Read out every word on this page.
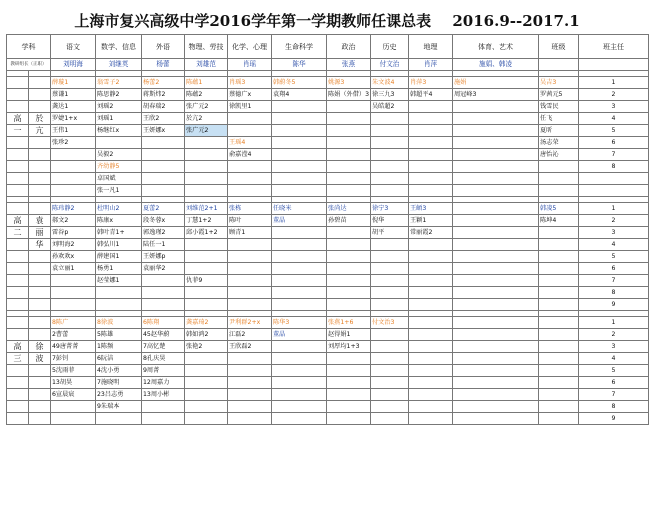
上海市复兴高级中学2016学年第一学期教师任课总表 2016.9--2017.1
学科		语文	数学、信息	外语	物理、劳技	化学、心理	生命科学	政治	历史	地理	体育、艺术	班级	班主任	
教研组长（正职）		刘明海	刘继英	杨蕾	刘雄范	肖瑶	陈华	张燕	付文治	肖萍	施娟、韩凌			

		薛璇1	翁雪子2	杨蕾2	陈蕴1	肖瑶3	韩蔚冬5	姚源3	朱文波4	肖萍3	施娟	吴吉3	1	
		蔡谦1	陈思静2	蒋斯炜2	陈蕴2	蔡德广x	袁翔4	陈娟（外借）3	徐三九3	韩超平4	周冠峰3	罗茜元5	2	
		龚达1	刘瑶2	胡春瑞2	张广元2	徐凯里1			吴皓超2			钱雪民	3	
高	於	罗婕1+x	刘瑶1	王欣2	於亢2							任飞	4	
一	亢	王伟1	杨继红x	王妍娜x	张广元2							夏昕	5	
		张珍2				王瑶4						汤志荣	6	
			吴毅2			俞嘉滢4						唐怡沁	7	
			齐幼静5										8	
			卓国斌											
			张一凡1											

		陈玮静2	杜明山2	夏蕾2	刘维范2+1	张栋	任晓米	张尚达	徐宁3	王頔3		韩凌5	1	
高	袁	郝文2	陈康x	段冬蓉x	丁慧1+2	陈叶	董晶	孙碧苗	倪华	王颖1		陈坤4	2	
二	丽	雷谷p	韩叶青1+	郭逸瑾2	邱小霞1+2	顾青1			胡平	常丽霞2			3	
	华	刘明海2	韩弘川1	陆任一1									4	
		孙欢欢x	薛建国1	王妍娜p									5	
		袁立丽1	杨勇1	袁丽华2									6	
			赵莹娜1		仇菲9								7	
													8	
													9	

		8陈广	8徐波	6陈翔	龚嘉琦2	尹利群2+x	陈华3	张燕1+6	付文治3				1	
		2曹蕾	5陈雄	45赵华蔚	韩如鸿2	江磊2	董晶	赵得娟1					2	
高	徐	49唐菁菁	1陈频	7高忆楚	张艳2	王欣磊2		刘厚均1+3					3	
三	波	7彭钊	6阮洁	8孔庆昊									4	
		5沈雨菲	4沈小勇	9周菁									5	
		13胡昊	7施晓明	12周嘉力									6	
		6宣晨宸	23吕志勇	13周小彬									7	
			9朱瑞本										8	
													9	
